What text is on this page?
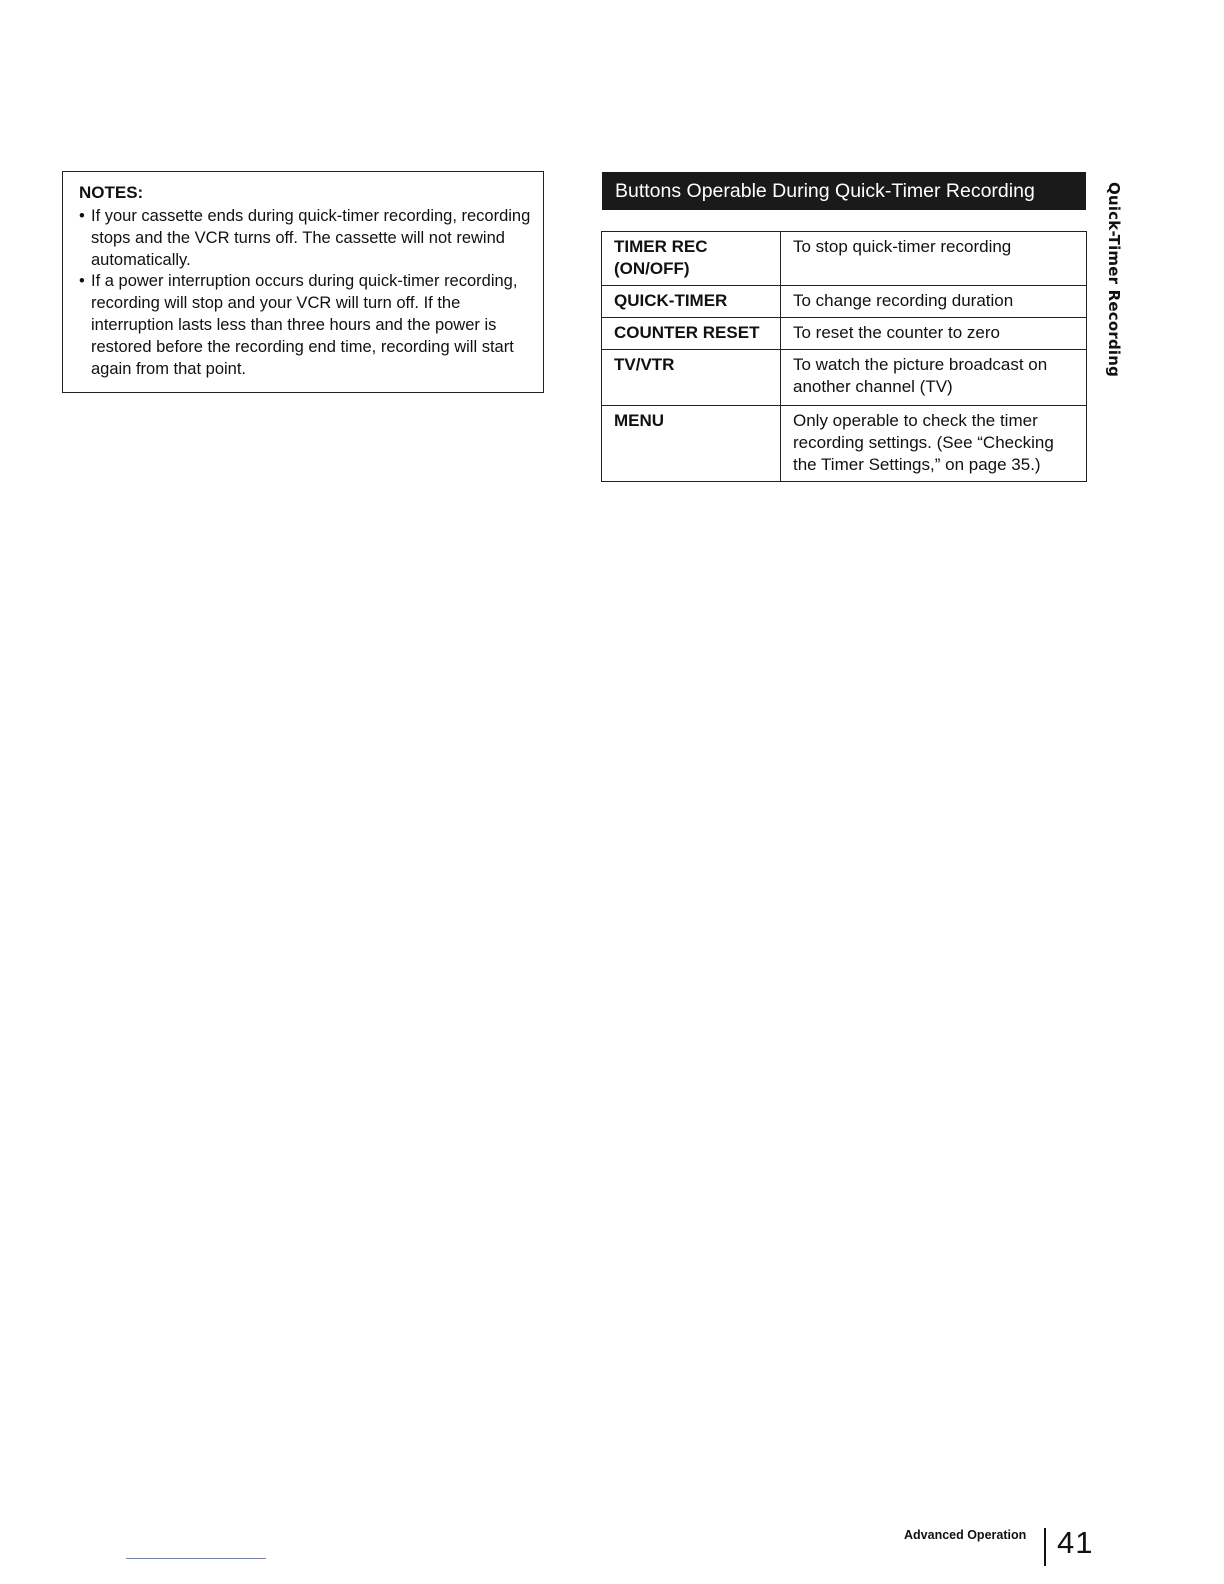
NOTES:
• If your cassette ends during quick-timer recording, recording stops and the VCR turns off. The cassette will not rewind automatically.
• If a power interruption occurs during quick-timer recording, recording will stop and your VCR will turn off. If the interruption lasts less than three hours and the power is restored before the recording end time, recording will start again from that point.
Buttons Operable During Quick-Timer Recording
TIMER REC (ON/OFF)	To stop quick-timer recording
QUICK-TIMER	To change recording duration
COUNTER RESET	To reset the counter to zero
TV/VTR	To watch the picture broadcast on another channel (TV)
MENU	Only operable to check the timer recording settings. (See “Checking the Timer Settings,” on page 35.)
Quick-Timer Recording
Advanced Operation 41
